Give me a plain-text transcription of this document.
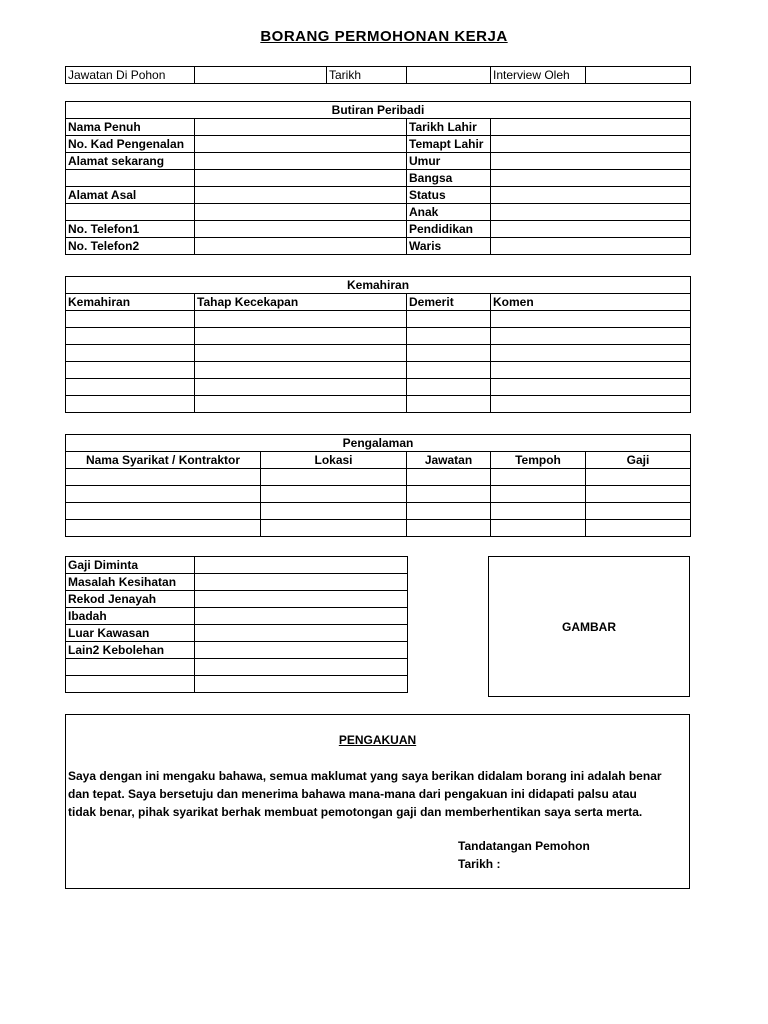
BORANG PERMOHONAN KERJA
Jawatan Di Pohon		Tarikh		Interview Oleh	
Butiran Peribadi			
Nama Penuh		Tarikh Lahir	
No. Kad Pengenalan		Temapt Lahir	
Alamat sekarang		Umur	
		Bangsa	
Alamat Asal		Status	
		Anak	
No. Telefon1		Pendidikan	
No. Telefon2		Waris	
Kemahiran			
Kemahiran	Tahap Kecekapan	Demerit	Komen

Pengalaman				
Nama Syarikat / Kontraktor	Lokasi	Jawatan	Tempoh	Gaji

Gaji Diminta	
Masalah Kesihatan	
Rekod Jenayah	
Ibadah	
Luar Kawasan	
Lain2 Kebolehan	

GAMBAR
PENGAKUAN
Saya dengan ini mengaku bahawa, semua maklumat yang saya berikan didalam borang ini adalah benar
dan tepat. Saya bersetuju dan menerima bahawa mana-mana dari pengakuan ini didapati palsu atau
tidak benar, pihak syarikat berhak membuat pemotongan gaji dan memberhentikan saya serta merta.
Tandatangan Pemohon
Tarikh :
